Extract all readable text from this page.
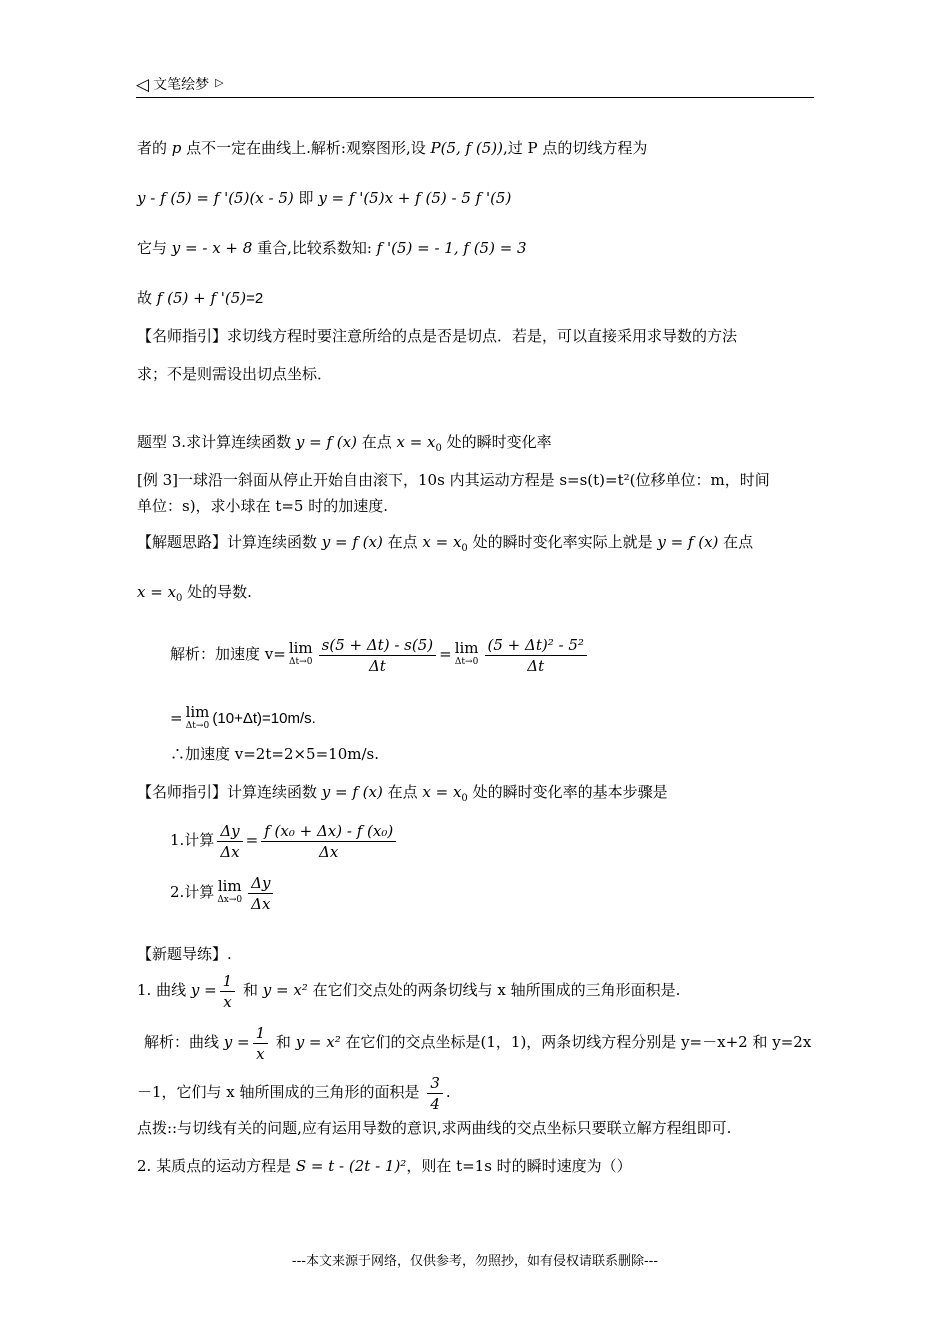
◁ 文笔绘梦 ▷
者的 p 点不一定在曲线上.解析:观察图形,设 P(5, f (5)),过 P 点的切线方程为
y - f (5) = f '(5)(x - 5) 即 y = f '(5)x + f (5) - 5 f '(5)
它与 y = - x + 8 重合,比较系数知: f '(5) = - 1, f (5) = 3
故 f (5) + f '(5)=2
【名师指引】求切线方程时要注意所给的点是否是切点．若是，可以直接采用求导数的方法
求；不是则需设出切点坐标．
题型 3.求计算连续函数 y = f (x) 在点 $x = x_0$ 处的瞬时变化率
[例 3]一球沿一斜面从停止开始自由滚下，10s 内其运动方程是 s=s(t)=t²(位移单位：m，时间
单位：s)，求小球在 t=5 时的加速度.
【解题思路】计算连续函数 y = f (x) 在点 $x = x_0$ 处的瞬时变化率实际上就是 y = f (x) 在点
$x = x_0$ 处的导数.
解析：加速度 v= lim
$\Delta t\to 0 \frac{s(5 + \Delta t) - s(5)}{\Delta t} = \lim$
$\Delta t\to 0 \frac{\text{(5 + Δt)² - 5²}}{\Delta t}$
= lim
Δt→0 (10+Δt)=10m/s.
∴加速度 v=2t=2×5=10m/s.
【名师指引】计算连续函数 y = f (x) 在点 $x = x_0$ 处的瞬时变化率的基本步骤是
1.计算 $\frac{\Delta y}{\Delta x} = \frac{\text{f (x₀ + Δx) - f (x₀)}}{\Delta x}$
2.计算 lim
$\Delta x\to 0 \frac{\Delta y}{\Delta x}$
【新题导练】.
1. 曲线 $y = \frac{1}{x}$ 和 y = x² 在它们交点处的两条切线与 x 轴所围成的三角形面积是.
解析：曲线 $y = \frac{1}{x}$ 和 y = x² 在它们的交点坐标是(1，1)，两条切线方程分别是 y=－x+2 和 y=2x
－1，它们与 x 轴所围成的三角形的面积是 $\frac{3}{4}$ .
点拨::与切线有关的问题,应有运用导数的意识,求两曲线的交点坐标只要联立解方程组即可.
2. 某质点的运动方程是 S = t - (2t - 1)²，则在 t=1s 时的瞬时速度为（）
---本文来源于网络，仅供参考，勿照抄，如有侵权请联系删除---
